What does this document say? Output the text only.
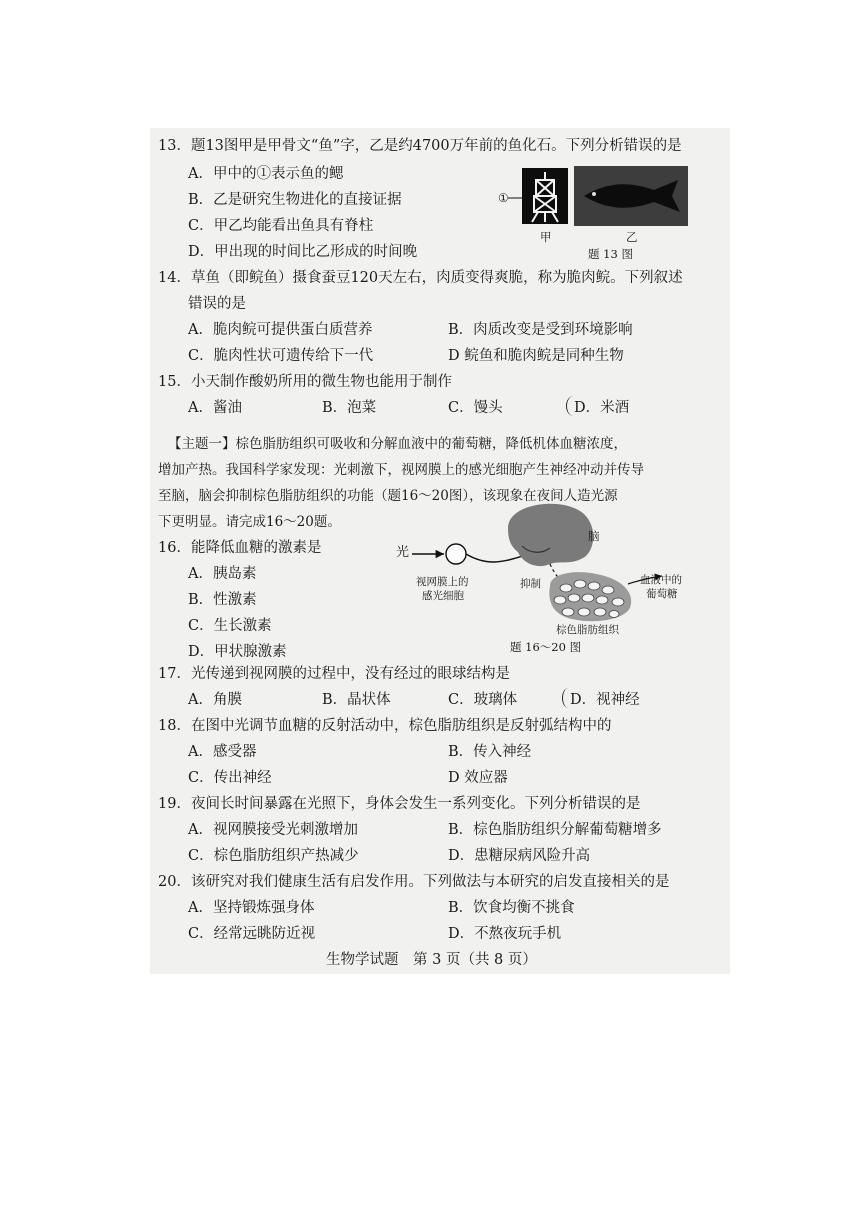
13．题13图甲是甲骨文“鱼”字，乙是约4700万年前的鱼化石。下列分析错误的是
A．甲中的①表示鱼的鳃
B．乙是研究生物进化的直接证据
C．甲乙均能看出鱼具有脊柱
D．甲出现的时间比乙形成的时间晚
①
甲	乙
题 13 图
14．草鱼（即鲩鱼）摄食蚕豆120天左右，肉质变得爽脆，称为脆肉鲩。下列叙述
错误的是
A．脆肉鲩可提供蛋白质营养	B．肉质改变是受到环境影响
C．脆肉性状可遗传给下一代	D 鲩鱼和脆肉鲩是同种生物
15．小天制作酸奶所用的微生物也能用于制作
A．酱油	B．泡菜	C．馒头	D．米酒
【主题一】棕色脂肪组织可吸收和分解血液中的葡萄糖，降低机体血糖浓度，
增加产热。我国科学家发现：光刺激下，视网膜上的感光细胞产生神经冲动并传导
至脑，脑会抑制棕色脂肪组织的功能（题16～20图），该现象在夜间人造光源
下更明显。请完成16～20题。
光
脑
视网膜上的
感光细胞
抑制	血液中的
葡萄糖
棕色脂肪组织
题 16～20 图
16．能降低血糖的激素是
A．胰岛素
B．性激素
C．生长激素
D．甲状腺激素
17．光传递到视网膜的过程中，没有经过的眼球结构是
A．角膜	B．晶状体	C．玻璃体	D．视神经
18．在图中光调节血糖的反射活动中，棕色脂肪组织是反射弧结构中的
A．感受器	B．传入神经
C．传出神经	D 效应器
19．夜间长时间暴露在光照下，身体会发生一系列变化。下列分析错误的是
A．视网膜接受光刺激增加	B．棕色脂肪组织分解葡萄糖增多
C．棕色脂肪组织产热减少	D．患糖尿病风险升高
20．该研究对我们健康生活有启发作用。下列做法与本研究的启发直接相关的是
A．坚持锻炼强身体	B．饮食均衡不挑食
C．经常远眺防近视	D．不熬夜玩手机
生物学试题　第 3 页（共 8 页）
